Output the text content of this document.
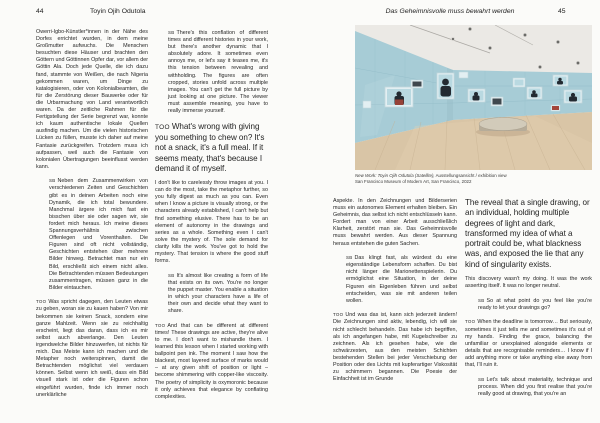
44	Toyin Ojih Odutola

Owerri-Igbo-Künstler*innen in der Nähe des Dorfes errichtet wurden, in dem meine Großmutter aufwuchs. Die Menschen besuchten diese Häuser und brachten den Göttern und Göttinnen Opfer dar, vor allem der Göttin Ala. Doch jede Quelle, die ich dazu fand, stammte von Weißen, die nach Nigeria gekommen waren, um Dinge zu katalogisieren, oder von Kolonialbeamten, die für die Zerstörung dieser Bauwerke oder für die Urbarmachung von Land verantwortlich waren. Da der zeitliche Rahmen für die Fertigstellung der Serie begrenzt war, konnte ich kaum authentische lokale Quellen ausfindig machen. Um die vielen historischen Lücken zu füllen, musste ich daher auf meine Fantasie zurückgreifen. Trotzdem muss ich aufpassen, weil auch die Fantasie von kolonialen Übertragungen beeinflusst werden kann.

SB Neben dem Zusammenwirken von verschiedenen Zeiten und Geschichten gibt es in deinen Arbeiten noch eine Dynamik, die ich total bewundere. Manchmal ärgere ich mich fast ein bisschen über sie oder sagen wir, sie fordert mich heraus. Ich meine dieses Spannungsverhältnis zwischen Offenlegen und Vorenthalten. Die Figuren sind oft nicht vollständig, Geschichten entstehen über mehrere Bilder hinweg. Betrachtet man nur ein Bild, erschließt sich einem nicht alles. Die Betrachtenden müssen Bedeutungen zusammentragen, müssen ganz in die Bilder eintauchen.

TOO Was spricht dagegen, den Leuten etwas zu geben, woran sie zu kauen haben? Von mir bekommen sie keinen Snack, sondern eine ganze Mahlzeit. Wenn sie zu reichhaltig erscheint, liegt das daran, dass ich es mir selbst auch abverlange. Den Leuten irgendwelche Bilder hinzuwerfen, ist nichts für mich. Das Meiste kann ich machen und die Metapher noch weiterspinnen, damit die Betrachtenden möglichst viel verdauen können. Selbst wenn ich weiß, dass ein Bild visuell stark ist oder die Figuren schon eingeführt wurden, finde ich immer noch unerklärliche

SB There's this conflation of different times and different histories in your work, but there's another dynamic that I absolutely adore. It sometimes even annoys me, or let's say it teases me, it's this tension between revealing and withholding. The figures are often cropped, stories unfold across multiple images. You can't get the full picture by just looking at one picture. The viewer must assemble meaning, you have to really immerse yourself.

TOO What's wrong with giving you something to chew on? It's not a snack, it's a full meal. If it seems meaty, that's because I demand it of myself.

I don't like to carelessly throw images at you. I can do the most, take the metaphor further, so you fully digest as much as you can. Even when I know a picture is visually strong, or the characters already established, I can't help but find something elusive. There has to be an element of autonomy in the drawings and series as a whole. Something even I can't solve the mystery of. The sole demand for clarity kills the work. You've got to hold the mystery. That tension is where the good stuff forms.

SB It's almost like creating a form of life that exists on its own. You're no longer the puppet master. You enable a situation in which your characters have a life of their own and decide what they want to share.

TOO And that can be different at different times! These drawings are active, they're alive to me. I don't want to mishandle them. I learned this lesson when I started working with ballpoint pen ink. The moment I saw how the blackest, most layered surface of marks would – at any given shift of position or light – become shimmering with copper-like viscosity. The poetry of simplicity is oxymoronic because it only achieves that elegance by conflating complexities.

Das Geheimnisvolle muss bewahrt werden	45
New Work: Toyin Ojih Odutola (Satellite), Ausstellungsansicht / exhibition view
San Francisco Museum of Modern Art, San Francisco, 2022

Aspekte. In den Zeichnungen und Bilderserien muss ein autonomes Element erhalten bleiben. Ein Geheimnis, das selbst ich nicht entschlüsseln kann. Fordert man von einer Arbeit ausschließlich Klarheit, zerstört man sie. Das Geheimnisvolle muss bewahrt werden. Aus dieser Spannung heraus entstehen die guten Sachen.

SB Das klingt fast, als würdest du eine eigenständige Lebensform schaffen. Du bist nicht länger die Marionettenspielerin. Du ermöglichst eine Situation, in der deine Figuren ein Eigenleben führen und selbst entscheiden, was sie mit anderen teilen wollen.

TOO Und was das ist, kann sich jederzeit ändern! Die Zeichnungen sind aktiv, lebendig, ich will sie nicht schlecht behandeln. Das habe ich begriffen, als ich angefangen habe, mit Kugelschreiber zu zeichnen. Als ich gesehen habe, wie die schwärzesten, aus den meisten Schichten bestehenden Stellen bei jeder Verschiebung der Position oder des Lichts mit kupferartiger Viskosität zu schimmern begannen. Die Poesie der Einfachheit ist im Grunde

The reveal that a single drawing, or an individual, holding multiple degrees of light and dark, transformed my idea of what a portrait could be, what blackness was, and exposed the lie that any kind of singularity exists.

This discovery wasn't my doing. It was the work asserting itself. It was no longer neutral.

SB So at what point do you feel like you're ready to let your drawings go?

TOO When the deadline is tomorrow… But seriously, sometimes it just tells me and sometimes it's out of my hands. Finding the grace, balancing the unfamiliar or unexplained alongside elements or details that are recognisable reminders… I know if I add anything more or take anything else away from that, I'll ruin it.

SB Let's talk about materiality, technique and process. When did you first realise that you're really good at drawing, that you're an
